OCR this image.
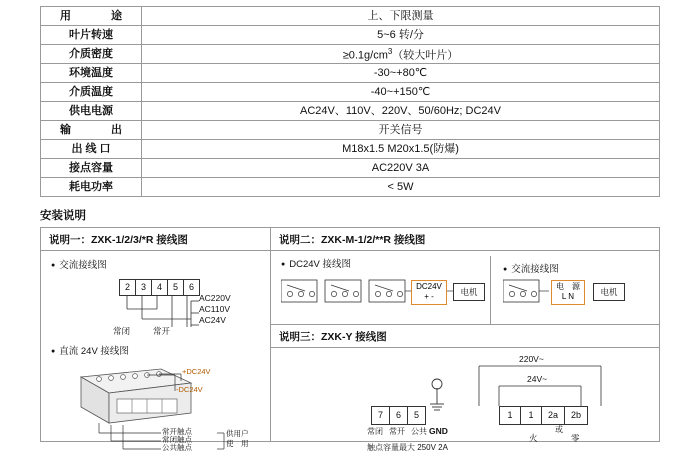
用　　途	上、下限测量
叶片转速	5~6 转/分
介质密度	$\ge 0.1g/cm^3$（较大叶片）
环境温度	-30~+80℃
介质温度	-40~+150℃
供电电源	AC24V、110V、220V、50/60Hz; DC24V
输　　出	开关信号
出 线 口	M18x1.5 M20x1.5(防爆)
接点容量	AC220V 3A
耗电功率	< 5W
安装说明
说明一：ZXK-1/2/3/*R 接线图
● 交流接线图
2	3	4	5	6
AC220V
AC110V
AC24V
常闭	常开
● 直流 24V 接线图
+DC24V
-DC24V
常开触点
常闭触点
公共触点
供用户
使　用
说明二：ZXK-M-1/2/**R 接线图
● DC24V 接线图
DC24V
+ -	电机
● 交流接线图
电　源
L N	电机
说明三：ZXK-Y 接线图
220V~
24V~
7	6	5
常闭 常开 公共 GND
1	1	2a	2b
或
火	零
触点容量最大 250V 2A
